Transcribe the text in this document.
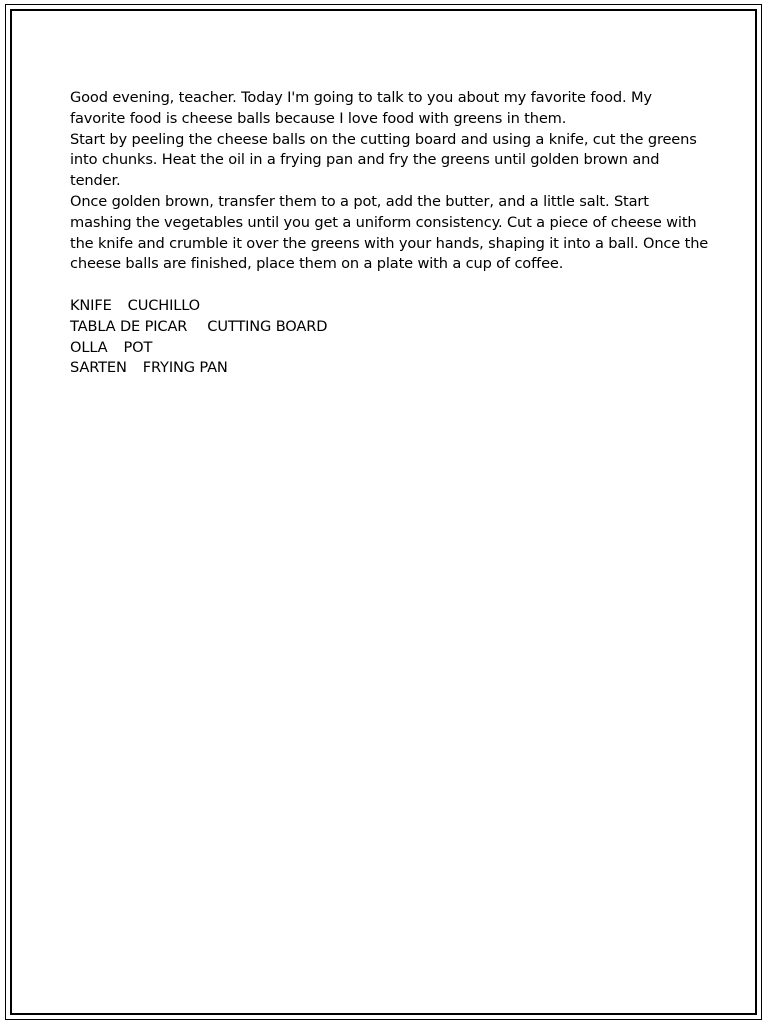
Good evening, teacher. Today I'm going to talk to you about my favorite food. My favorite food is cheese balls because I love food with greens in them.

Start by peeling the cheese balls on the cutting board and using a knife, cut the greens into chunks. Heat the oil in a frying pan and fry the greens until golden brown and tender.

Once golden brown, transfer them to a pot, add the butter, and a little salt. Start mashing the vegetables until you get a uniform consistency. Cut a piece of cheese with the knife and crumble it over the greens with your hands, shaping it into a ball. Once the cheese balls are finished, place them on a plate with a cup of coffee.

KNIFE CUCHILLO

TABLA DE PICAR CUTTING BOARD

OLLA POT

SARTEN FRYING PAN
